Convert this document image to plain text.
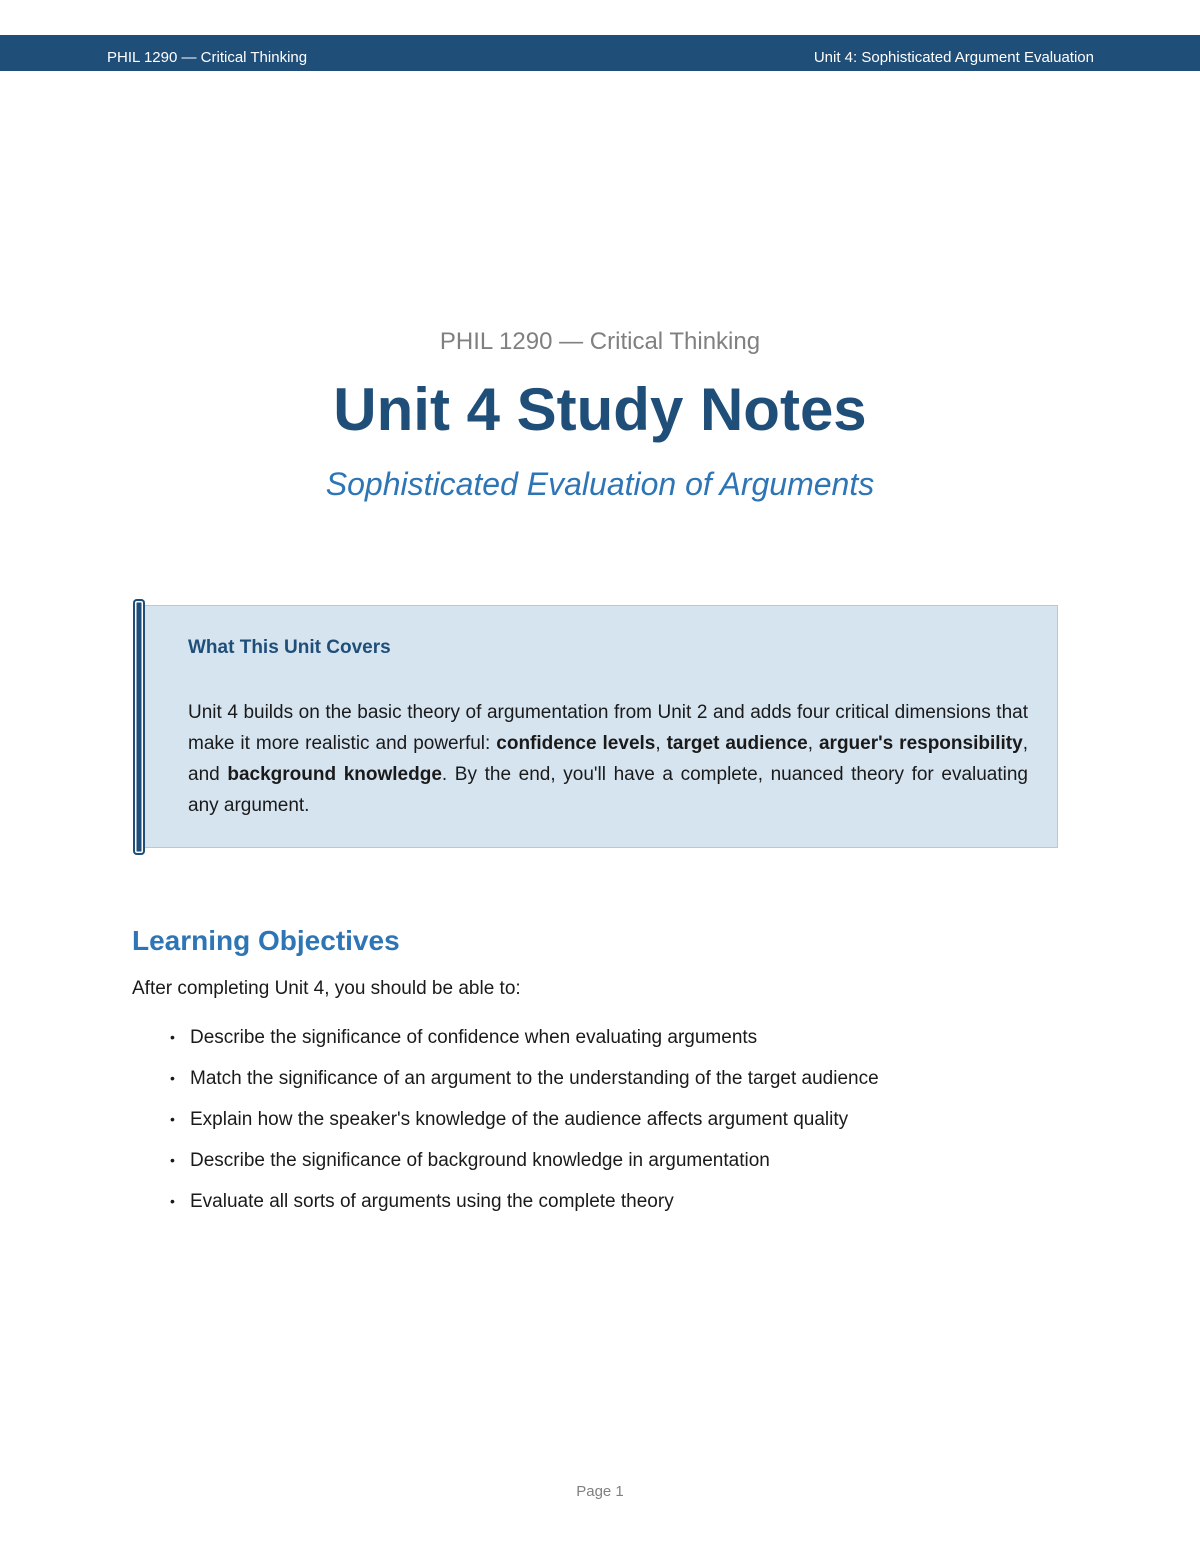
PHIL 1290 — Critical Thinking	Unit 4: Sophisticated Argument Evaluation
PHIL 1290 — Critical Thinking
Unit 4 Study Notes
Sophisticated Evaluation of Arguments
What This Unit Covers
Unit 4 builds on the basic theory of argumentation from Unit 2 and adds four critical dimensions that make it more realistic and powerful: confidence levels, target audience, arguer's responsibility, and background knowledge. By the end, you'll have a complete, nuanced theory for evaluating any argument.
Learning Objectives
After completing Unit 4, you should be able to:
• Describe the significance of confidence when evaluating arguments
• Match the significance of an argument to the understanding of the target audience
• Explain how the speaker's knowledge of the audience affects argument quality
• Describe the significance of background knowledge in argumentation
• Evaluate all sorts of arguments using the complete theory
Page 1
